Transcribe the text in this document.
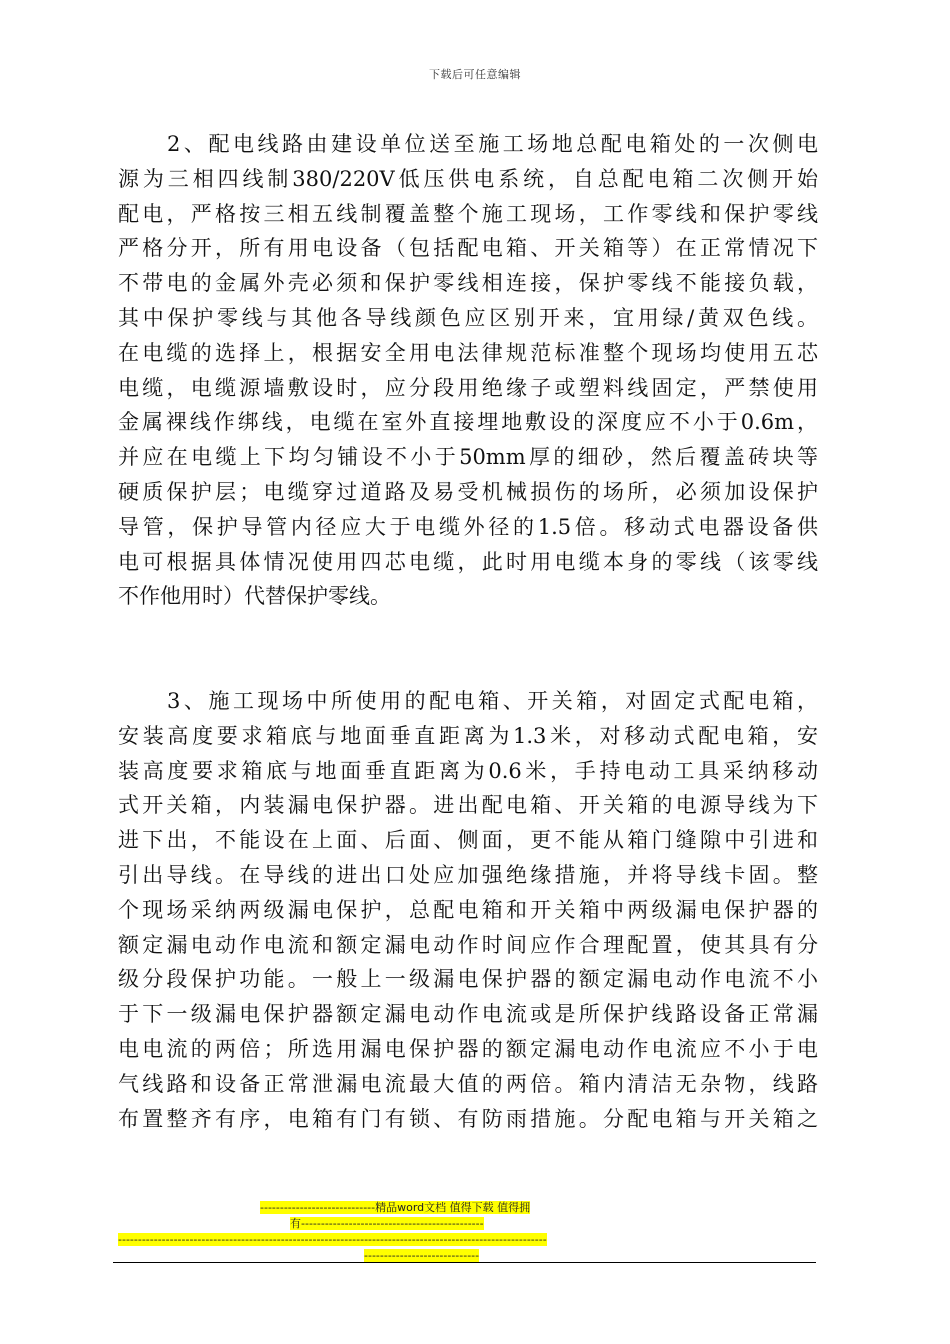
下载后可任意编辑
　　2、配电线路由建设单位送至施工场地总配电箱处的一次侧电
源为三相四线制380/220V低压供电系统，自总配电箱二次侧开始
配电，严格按三相五线制覆盖整个施工现场，工作零线和保护零线
严格分开，所有用电设备（包括配电箱、开关箱等）在正常情况下
不带电的金属外壳必须和保护零线相连接，保护零线不能接负载，
其中保护零线与其他各导线颜色应区别开来，宜用绿/黄双色线。
在电缆的选择上，根据安全用电法律规范标准整个现场均使用五芯
电缆，电缆源墙敷设时，应分段用绝缘子或塑料线固定，严禁使用
金属裸线作绑线，电缆在室外直接埋地敷设的深度应不小于0.6m，
并应在电缆上下均匀铺设不小于50mm厚的细砂，然后覆盖砖块等
硬质保护层；电缆穿过道路及易受机械损伤的场所，必须加设保护
导管，保护导管内径应大于电缆外径的1.5倍。移动式电器设备供
电可根据具体情况使用四芯电缆，此时用电缆本身的零线（该零线
不作他用时）代替保护零线。
　　3、施工现场中所使用的配电箱、开关箱，对固定式配电箱，
安装高度要求箱底与地面垂直距离为1.3米，对移动式配电箱，安
装高度要求箱底与地面垂直距离为0.6米，手持电动工具采纳移动
式开关箱，内装漏电保护器。进出配电箱、开关箱的电源导线为下
进下出，不能设在上面、后面、侧面，更不能从箱门缝隙中引进和
引出导线。在导线的进出口处应加强绝缘措施，并将导线卡固。整
个现场采纳两级漏电保护，总配电箱和开关箱中两级漏电保护器的
额定漏电动作电流和额定漏电动作时间应作合理配置，使其具有分
级分段保护功能。一般上一级漏电保护器的额定漏电动作电流不小
于下一级漏电保护器额定漏电动作电流或是所保护线路设备正常漏
电电流的两倍；所选用漏电保护器的额定漏电动作电流应不小于电
气线路和设备正常泄漏电流最大值的两倍。箱内清洁无杂物，线路
布置整齐有序，电箱有门有锁、有防雨措施。分配电箱与开关箱之
-----------------------------精品word文档 值得下载 值得拥
有----------------------------------------------
------------------------------------------------------------------------------------------------------------
-----------------------------
